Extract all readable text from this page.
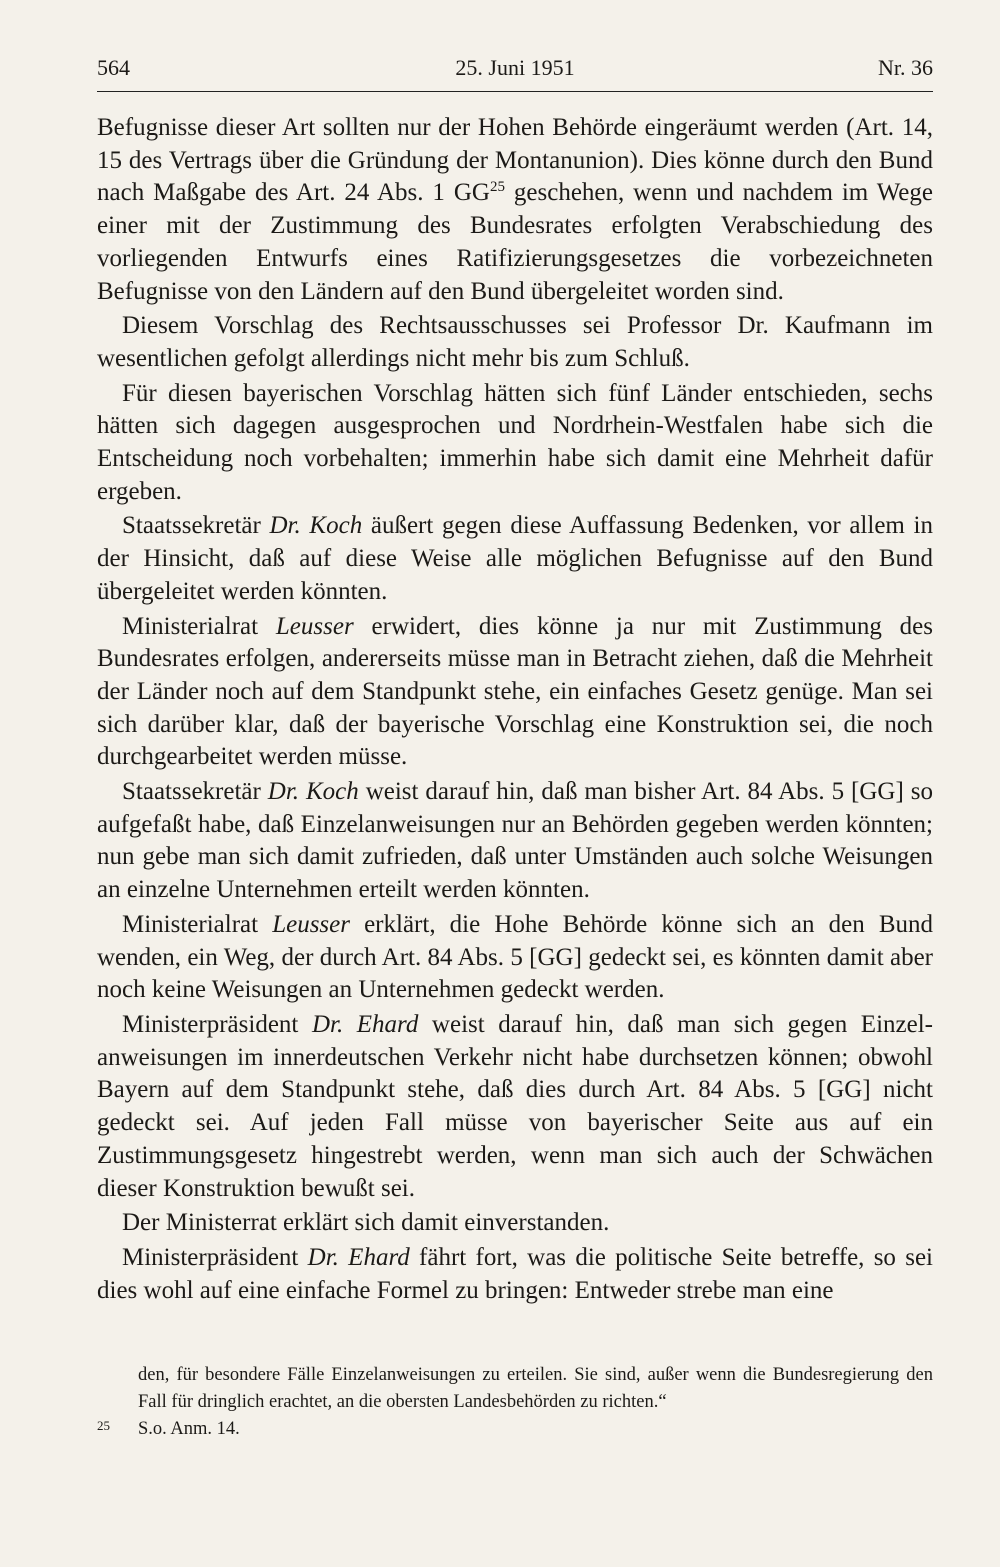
564	25. Juni 1951	Nr. 36

Befugnisse dieser Art sollten nur der Hohen Behörde eingeräumt werden (Art. 14, 15 des Vertrags über die Gründung der Montanunion). Dies könne durch den Bund nach Maßgabe des Art. 24 Abs. 1 GG$^{25}$ geschehen, wenn und nachdem im Wege einer mit der Zustimmung des Bundesrates erfolgten Verabschiedung des vorliegenden Entwurfs eines Ratifizierungsgesetzes die vorbezeichneten Befugnisse von den Ländern auf den Bund übergeleitet worden sind.

Diesem Vorschlag des Rechtsausschusses sei Professor Dr. Kaufmann im wesentlichen gefolgt allerdings nicht mehr bis zum Schluß.

Für diesen bayerischen Vorschlag hätten sich fünf Länder entschieden, sechs hätten sich dagegen ausgesprochen und Nordrhein-Westfalen habe sich die Entscheidung noch vorbehalten; immerhin habe sich damit eine Mehrheit dafür ergeben.

Staatssekretär Dr. Koch äußert gegen diese Auffassung Bedenken, vor allem in der Hinsicht, daß auf diese Weise alle möglichen Befugnisse auf den Bund übergeleitet werden könnten.

Ministerialrat Leusser erwidert, dies könne ja nur mit Zustimmung des Bundesrates erfolgen, andererseits müsse man in Betracht ziehen, daß die Mehrheit der Länder noch auf dem Standpunkt stehe, ein einfaches Gesetz genüge. Man sei sich darüber klar, daß der bayerische Vorschlag eine Konstruktion sei, die noch durchgearbeitet werden müsse.

Staatssekretär Dr. Koch weist darauf hin, daß man bisher Art. 84 Abs. 5 [GG] so aufgefaßt habe, daß Einzelanweisungen nur an Behörden gegeben werden könnten; nun gebe man sich damit zufrieden, daß unter Umständen auch solche Weisungen an einzelne Unternehmen erteilt werden könnten.

Ministerialrat Leusser erklärt, die Hohe Behörde könne sich an den Bund wenden, ein Weg, der durch Art. 84 Abs. 5 [GG] gedeckt sei, es könnten damit aber noch keine Weisungen an Unternehmen gedeckt werden.

Ministerpräsident Dr. Ehard weist darauf hin, daß man sich gegen Einzelanweisungen im innerdeutschen Verkehr nicht habe durchsetzen können; obwohl Bayern auf dem Standpunkt stehe, daß dies durch Art. 84 Abs. 5 [GG] nicht gedeckt sei. Auf jeden Fall müsse von bayerischer Seite aus auf ein Zustimmungsgesetz hingestrebt werden, wenn man sich auch der Schwächen dieser Konstruktion bewußt sei.

Der Ministerrat erklärt sich damit einverstanden.

Ministerpräsident Dr. Ehard fährt fort, was die politische Seite betreffe, so sei dies wohl auf eine einfache Formel zu bringen: Entweder strebe man eine

den, für besondere Fälle Einzelanweisungen zu erteilen. Sie sind, außer wenn die Bundesregierung den Fall für dringlich erachtet, an die obersten Landesbehörden zu richten.“

25	S.o. Anm. 14.
